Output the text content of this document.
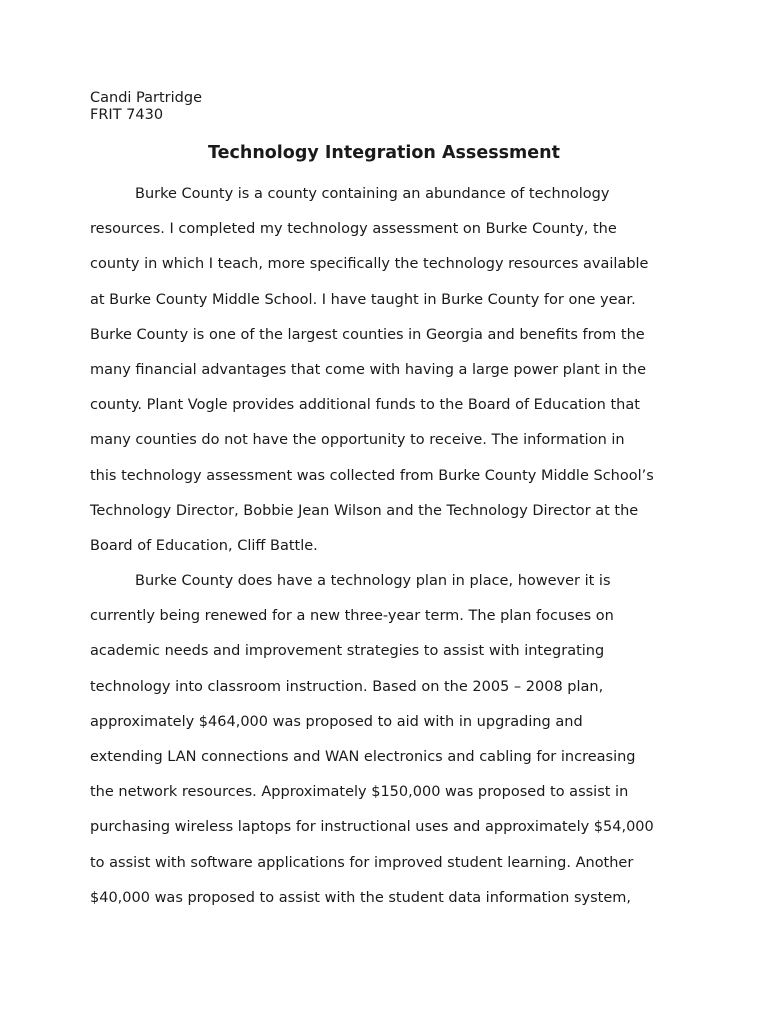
Candi Partridge
FRIT 7430
Technology Integration Assessment
Burke County is a county containing an abundance of technology
resources. I completed my technology assessment on Burke County, the
county in which I teach, more specifically the technology resources available
at Burke County Middle School. I have taught in Burke County for one year.
Burke County is one of the largest counties in Georgia and benefits from the
many financial advantages that come with having a large power plant in the
county. Plant Vogle provides additional funds to the Board of Education that
many counties do not have the opportunity to receive. The information in
this technology assessment was collected from Burke County Middle School’s
Technology Director, Bobbie Jean Wilson and the Technology Director at the
Board of Education, Cliff Battle.
Burke County does have a technology plan in place, however it is
currently being renewed for a new three-year term. The plan focuses on
academic needs and improvement strategies to assist with integrating
technology into classroom instruction. Based on the 2005 – 2008 plan,
approximately $464,000 was proposed to aid with in upgrading and
extending LAN connections and WAN electronics and cabling for increasing
the network resources. Approximately $150,000 was proposed to assist in
purchasing wireless laptops for instructional uses and approximately $54,000
to assist with software applications for improved student learning. Another
$40,000 was proposed to assist with the student data information system,
